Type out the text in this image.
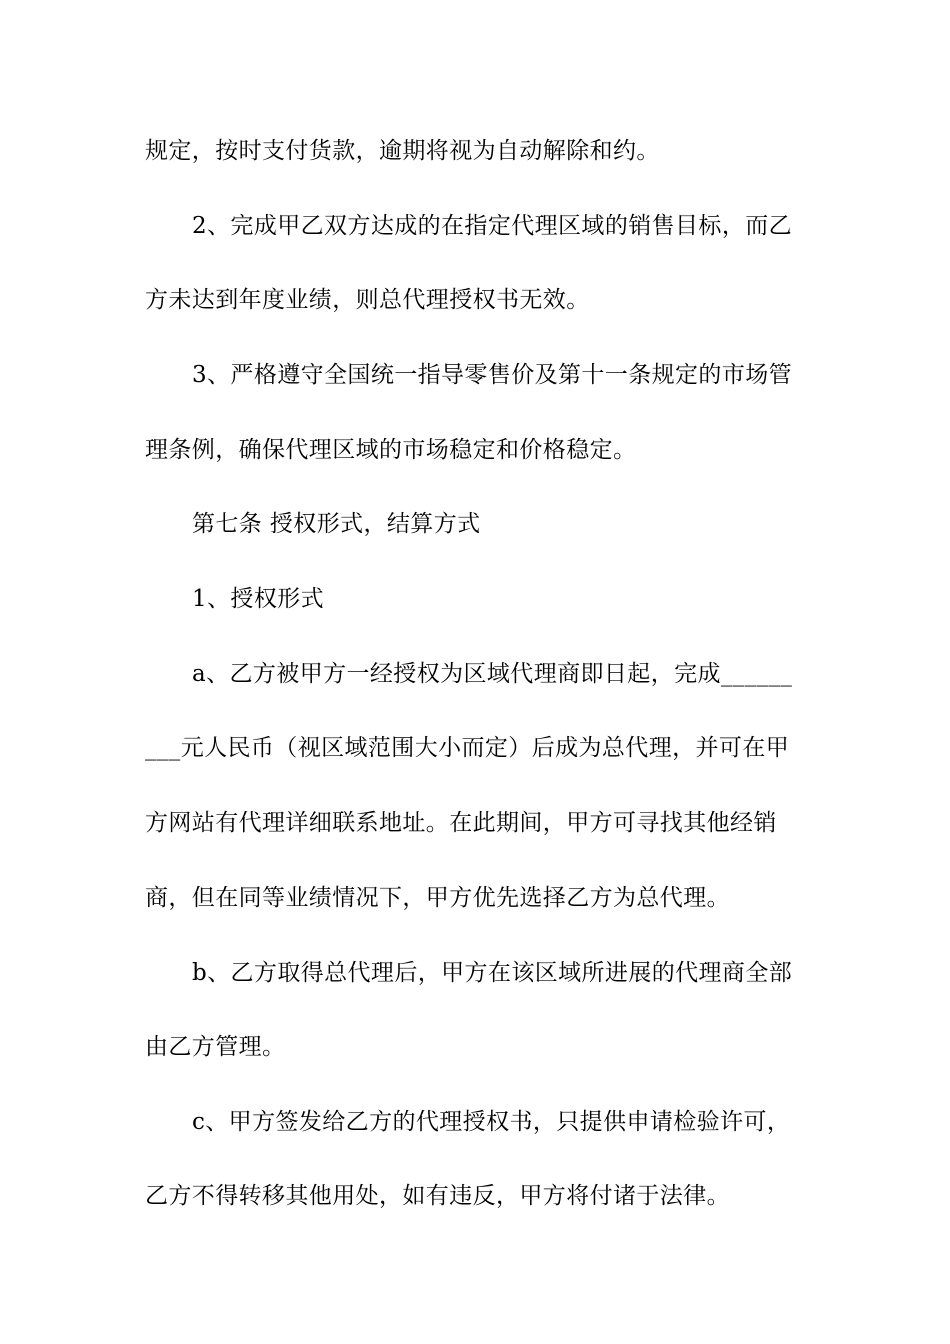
规定，按时支付货款，逾期将视为自动解除和约。
2、完成甲乙双方达成的在指定代理区域的销售目标，而乙
方未达到年度业绩，则总代理授权书无效。
3、严格遵守全国统一指导零售价及第十一条规定的市场管
理条例，确保代理区域的市场稳定和价格稳定。
第七条 授权形式，结算方式
1、授权形式
a、乙方被甲方一经授权为区域代理商即日起，完成______
___元人民币（视区域范围大小而定）后成为总代理，并可在甲
方网站有代理详细联系地址。在此期间，甲方可寻找其他经销
商，但在同等业绩情况下，甲方优先选择乙方为总代理。
b、乙方取得总代理后，甲方在该区域所进展的代理商全部
由乙方管理。
c、甲方签发给乙方的代理授权书，只提供申请检验许可，
乙方不得转移其他用处，如有违反，甲方将付诸于法律。
